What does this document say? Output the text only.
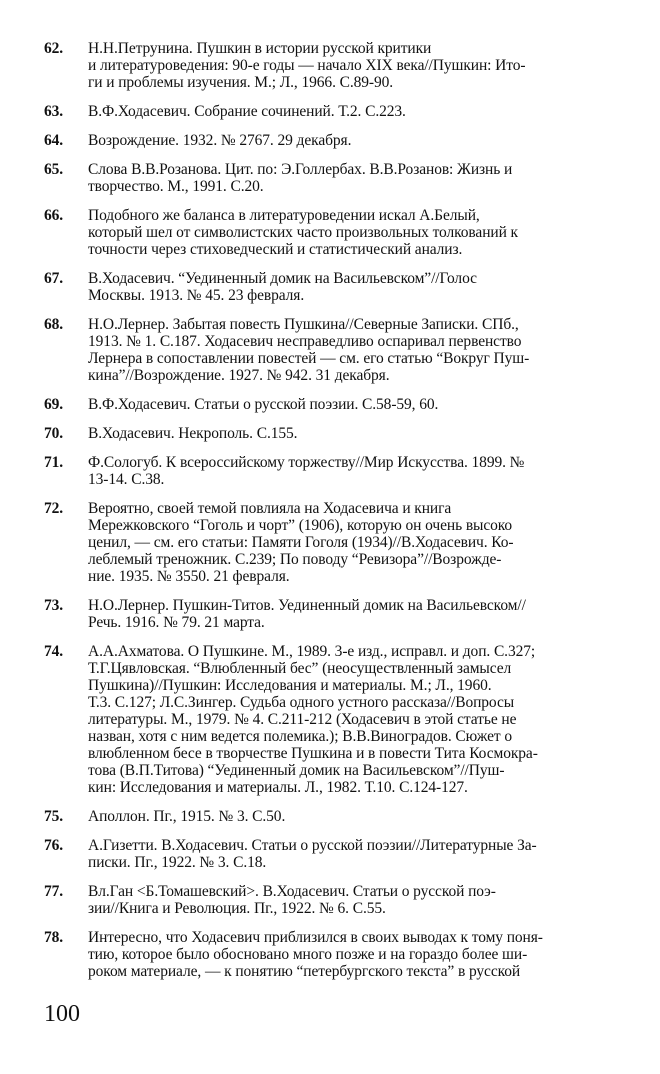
62.	Н.Н.Петрунина. Пушкин в истории русской критики
и литературоведения: 90-е годы — начало XIX века//Пушкин: Ито-
ги и проблемы изучения. М.; Л., 1966. С.89-90.
63.	В.Ф.Ходасевич. Собрание сочинений. Т.2. С.223.
64.	Возрождение. 1932. № 2767. 29 декабря.
65.	Слова В.В.Розанова. Цит. по: Э.Голлербах. В.В.Розанов: Жизнь и
творчество. М., 1991. С.20.
66.	Подобного же баланса в литературоведении искал А.Белый,
который шел от символистских часто произвольных толкований к
точности через стиховедческий и статистический анализ.
67.	В.Ходасевич. “Уединенный домик на Васильевском”//Голос
Москвы. 1913. № 45. 23 февраля.
68.	Н.О.Лернер. Забытая повесть Пушкина//Северные Записки. СПб.,
1913. № 1. С.187. Ходасевич несправедливо оспаривал первенство
Лернера в сопоставлении повестей — см. его статью “Вокруг Пуш-
кина”//Возрождение. 1927. № 942. 31 декабря.
69.	В.Ф.Ходасевич. Статьи о русской поэзии. С.58-59, 60.
70.	В.Ходасевич. Некрополь. С.155.
71.	Ф.Сологуб. К всероссийскому торжеству//Мир Искусства. 1899. №
13-14. С.38.
72.	Вероятно, своей темой повлияла на Ходасевича и книга
Мережковского “Гоголь и чорт” (1906), которую он очень высоко
ценил, — см. его статьи: Памяти Гоголя (1934)//В.Ходасевич. Ко-
леблемый треножник. С.239; По поводу “Ревизора”//Возрожде-
ние. 1935. № 3550. 21 февраля.
73.	Н.О.Лернер. Пушкин-Титов. Уединенный домик на Васильевском//
Речь. 1916. № 79. 21 марта.
74.	А.А.Ахматова. О Пушкине. М., 1989. 3-е изд., исправл. и доп. С.327;
Т.Г.Цявловская. “Влюбленный бес” (неосуществленный замысел
Пушкина)//Пушкин: Исследования и материалы. М.; Л., 1960.
Т.3. С.127; Л.С.Зингер. Судьба одного устного рассказа//Вопросы
литературы. М., 1979. № 4. С.211-212 (Ходасевич в этой статье не
назван, хотя с ним ведется полемика.); В.В.Виноградов. Сюжет о
влюбленном бесе в творчестве Пушкина и в повести Тита Космокра-
това (В.П.Титова) “Уединенный домик на Васильевском”//Пуш-
кин: Исследования и материалы. Л., 1982. Т.10. С.124-127.
75.	Аполлон. Пг., 1915. № 3. С.50.
76.	А.Гизетти. В.Ходасевич. Статьи о русской поэзии//Литературные За-
писки. Пг., 1922. № 3. С.18.
77.	Вл.Ган <Б.Томашевский>. В.Ходасевич. Статьи о русской поэ-
зии//Книга и Революция. Пг., 1922. № 6. С.55.
78.	Интересно, что Ходасевич приблизился в своих выводах к тому поня-
тию, которое было обосновано много позже и на гораздо более ши-
роком материале, — к понятию “петербургского текста” в русской
100
